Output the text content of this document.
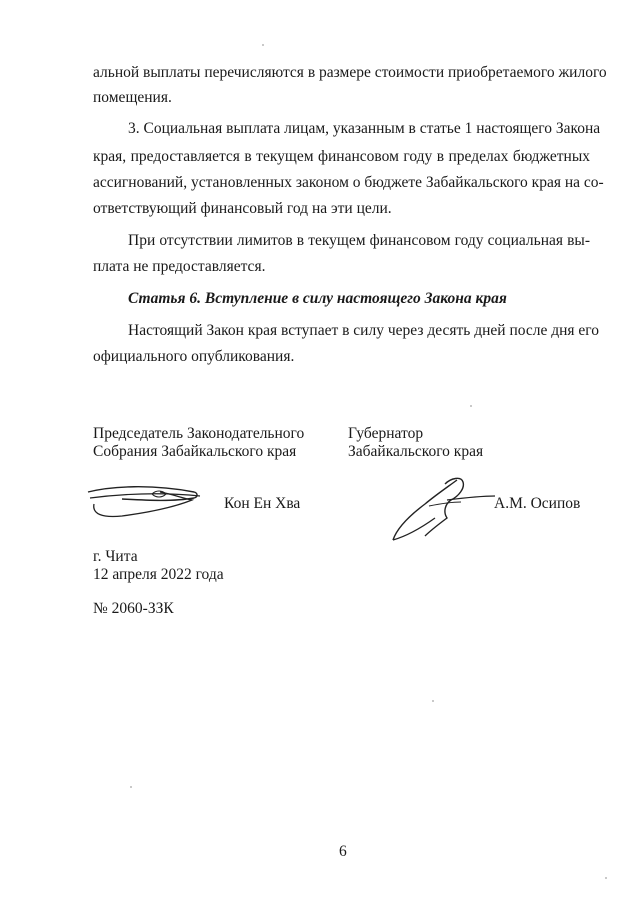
альной выплаты перечисляются в размере стоимости приобретаемого жилого
помещения.
3. Социальная выплата лицам, указанным в статье 1 настоящего Закона
края, предоставляется в текущем финансовом году в пределах бюджетных
ассигнований, установленных законом о бюджете Забайкальского края на со-
ответствующий финансовый год на эти цели.
При отсутствии лимитов в текущем финансовом году социальная вы-
плата не предоставляется.
Статья 6. Вступление в силу настоящего Закона края
Настоящий Закон края вступает в силу через десять дней после дня его
официального опубликования.
Председатель Законодательного
Собрания Забайкальского края
Губернатор
Забайкальского края
Кон Ен Хва	А.М. Осипов
г. Чита
12 апреля 2022 года
№ 2060-ЗЗК
6
